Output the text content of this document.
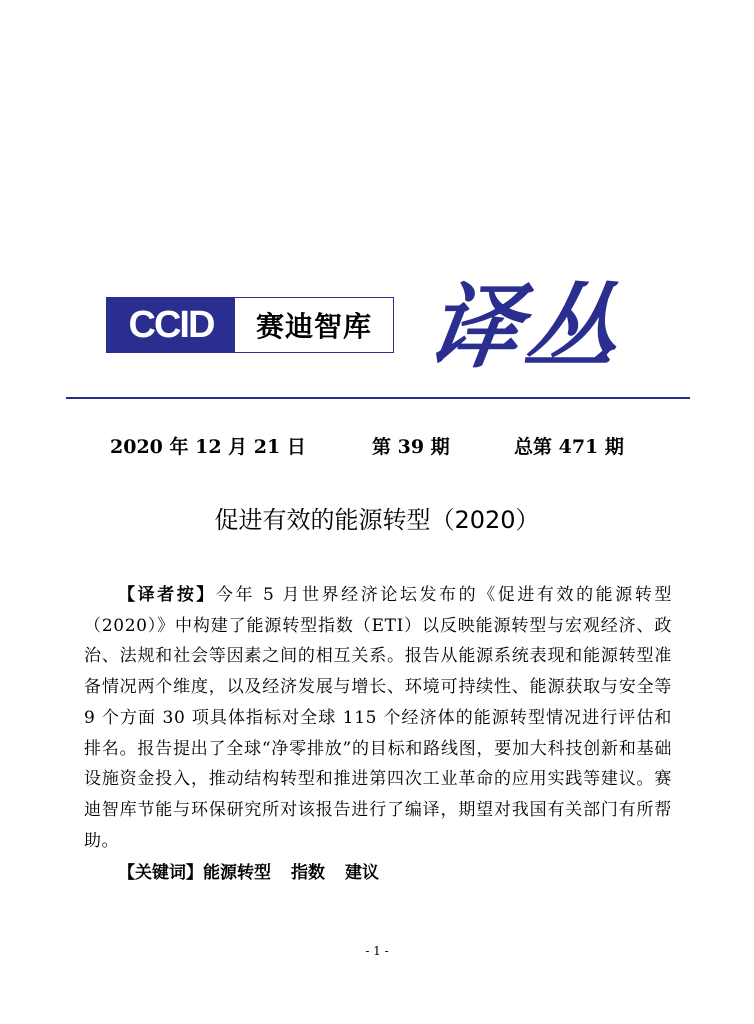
CCID	赛迪智库 译丛
2020 年 12 月 21 日	第 39 期	总第 471 期
促进有效的能源转型（2020）

【译者按】今年 5 月世界经济论坛发布的《促进有效的能源转型（2020）》中构建了能源转型指数（ETI）以反映能源转型与宏观经济、政治、法规和社会等因素之间的相互关系。报告从能源系统表现和能源转型准备情况两个维度，以及经济发展与增长、环境可持续性、能源获取与安全等 9 个方面 30 项具体指标对全球 115 个经济体的能源转型情况进行评估和排名。报告提出了全球“净零排放”的目标和路线图，要加大科技创新和基础设施资金投入，推动结构转型和推进第四次工业革命的应用实践等建议。赛迪智库节能与环保研究所对该报告进行了编译，期望对我国有关部门有所帮助。

【关键词】能源转型 指数 建议
- 1 -
